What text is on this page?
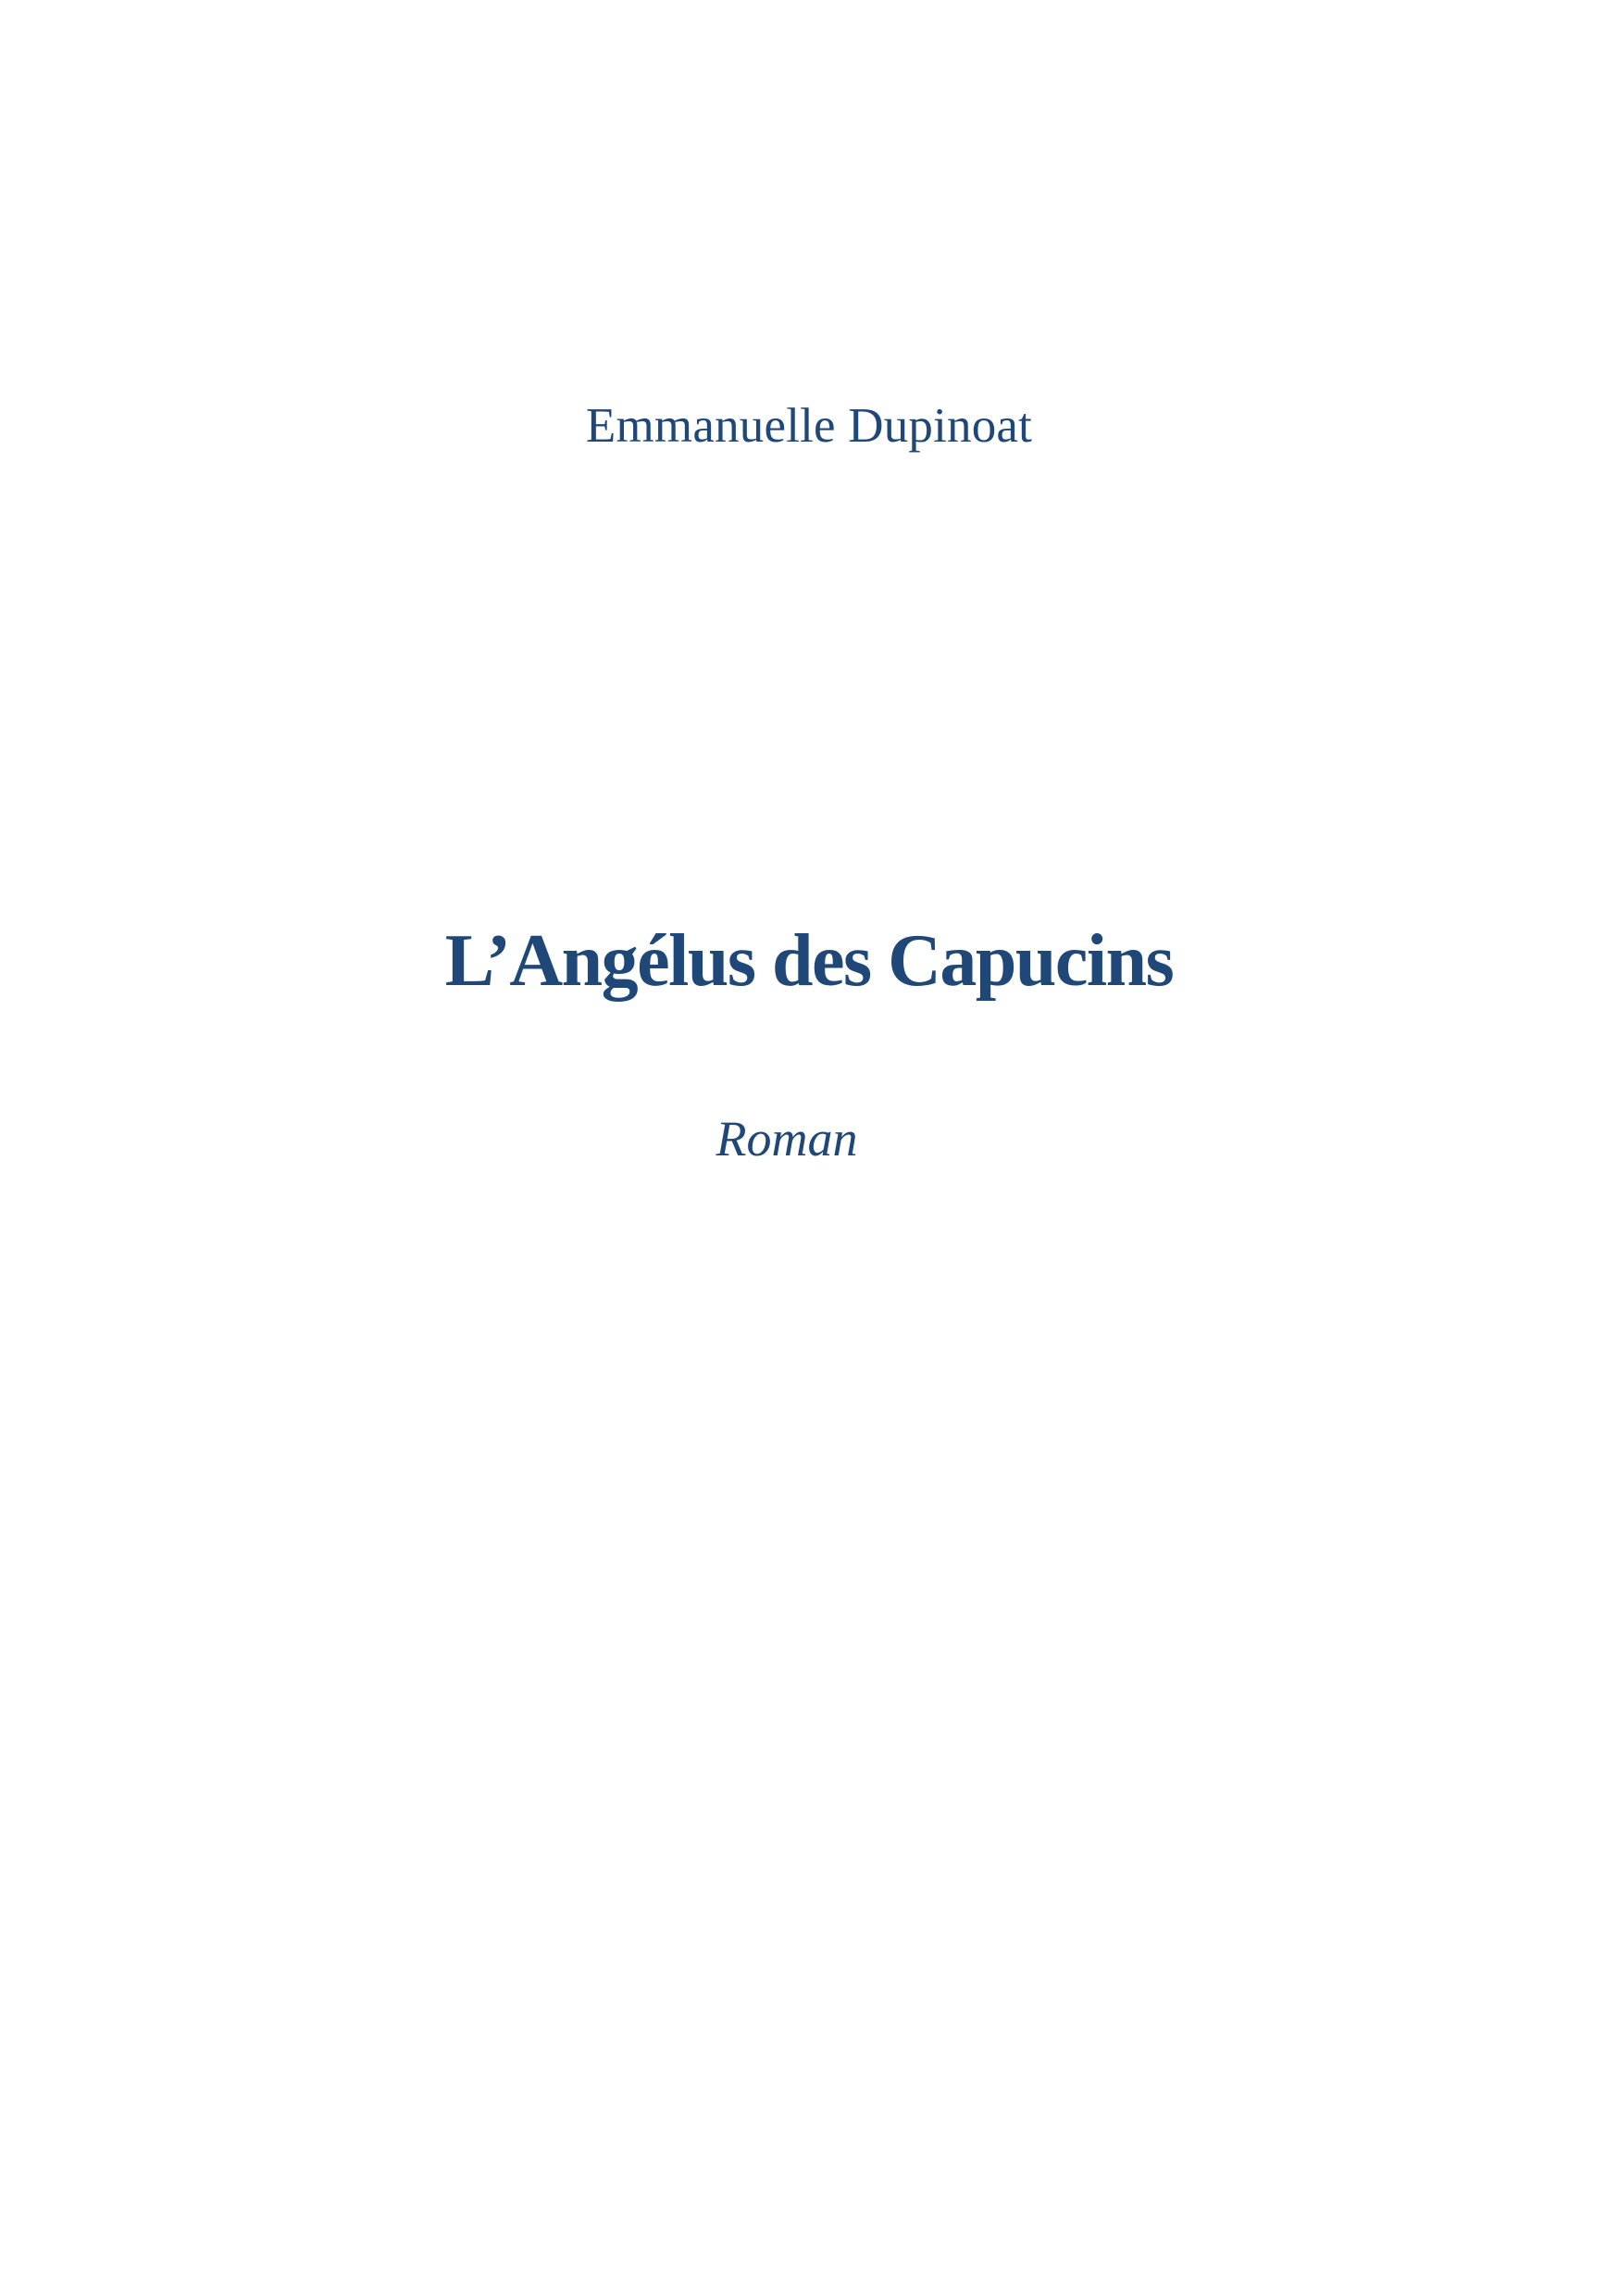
Emmanuelle Dupinoat
L’Angélus des Capucins
Roman
